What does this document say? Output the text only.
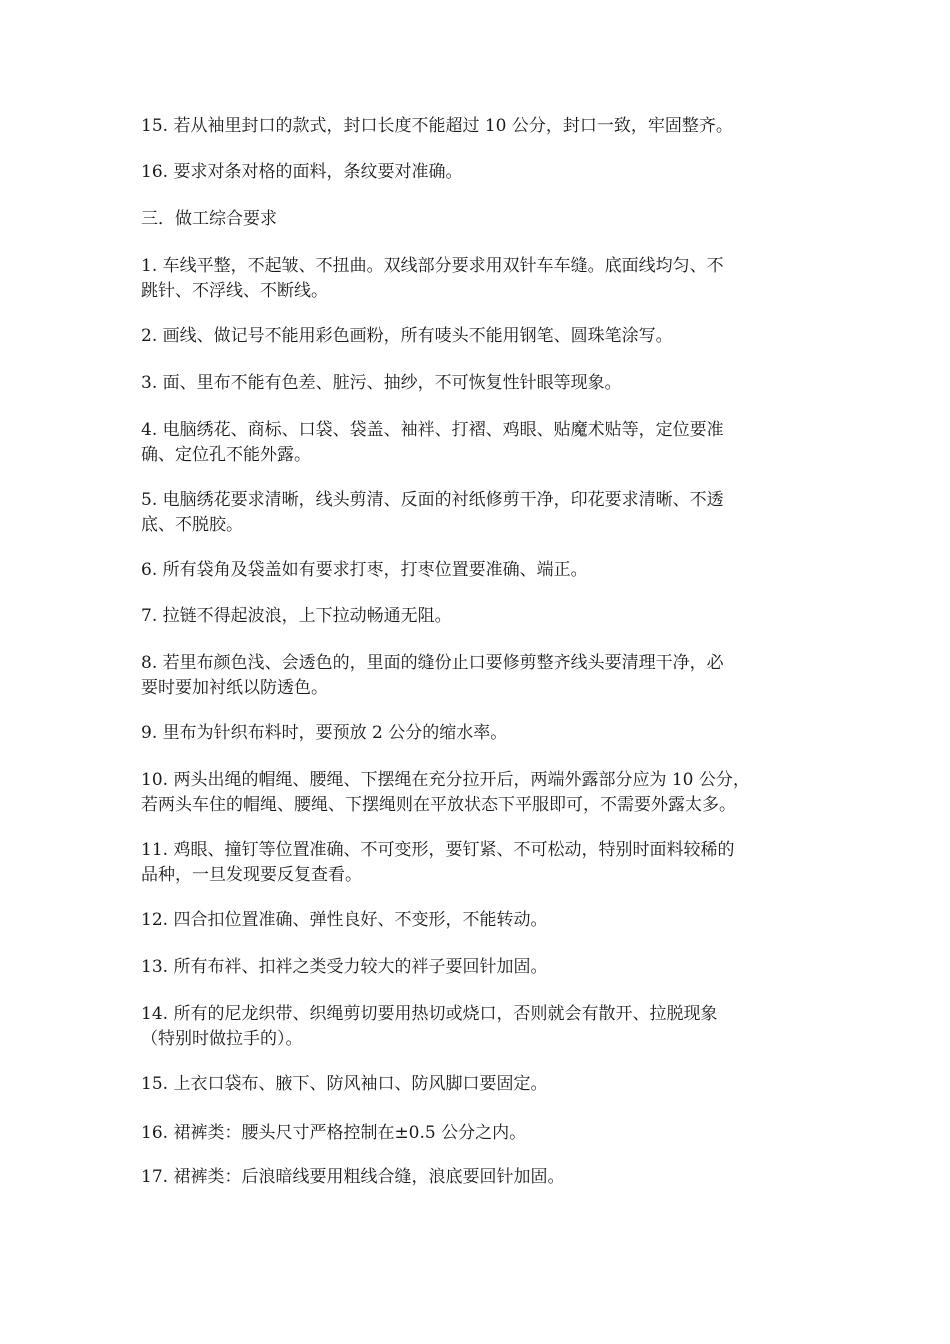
15. 若从袖里封口的款式，封口长度不能超过 10 公分，封口一致，牢固整齐。

16. 要求对条对格的面料，条纹要对准确。

三．做工综合要求

1. 车线平整，不起皱、不扭曲。双线部分要求用双针车车缝。底面线均匀、不
跳针、不浮线、不断线。

2. 画线、做记号不能用彩色画粉，所有唛头不能用钢笔、圆珠笔涂写。

3. 面、里布不能有色差、脏污、抽纱，不可恢复性针眼等现象。

4. 电脑绣花、商标、口袋、袋盖、袖袢、打褶、鸡眼、贴魔术贴等，定位要准
确、定位孔不能外露。

5. 电脑绣花要求清晰，线头剪清、反面的衬纸修剪干净，印花要求清晰、不透
底、不脱胶。

6. 所有袋角及袋盖如有要求打枣，打枣位置要准确、端正。

7. 拉链不得起波浪，上下拉动畅通无阻。

8. 若里布颜色浅、会透色的，里面的缝份止口要修剪整齐线头要清理干净，必
要时要加衬纸以防透色。

9. 里布为针织布料时，要预放 2 公分的缩水率。

10. 两头出绳的帽绳、腰绳、下摆绳在充分拉开后，两端外露部分应为 10 公分，
若两头车住的帽绳、腰绳、下摆绳则在平放状态下平服即可，不需要外露太多。

11. 鸡眼、撞钉等位置准确、不可变形，要钉紧、不可松动，特别时面料较稀的
品种，一旦发现要反复查看。

12. 四合扣位置准确、弹性良好、不变形，不能转动。

13. 所有布袢、扣袢之类受力较大的袢子要回针加固。

14. 所有的尼龙织带、织绳剪切要用热切或烧口，否则就会有散开、拉脱现象
（特别时做拉手的）。

15. 上衣口袋布、腋下、防风袖口、防风脚口要固定。

16. 裙裤类：腰头尺寸严格控制在±0.5 公分之内。

17. 裙裤类：后浪暗线要用粗线合缝，浪底要回针加固。
